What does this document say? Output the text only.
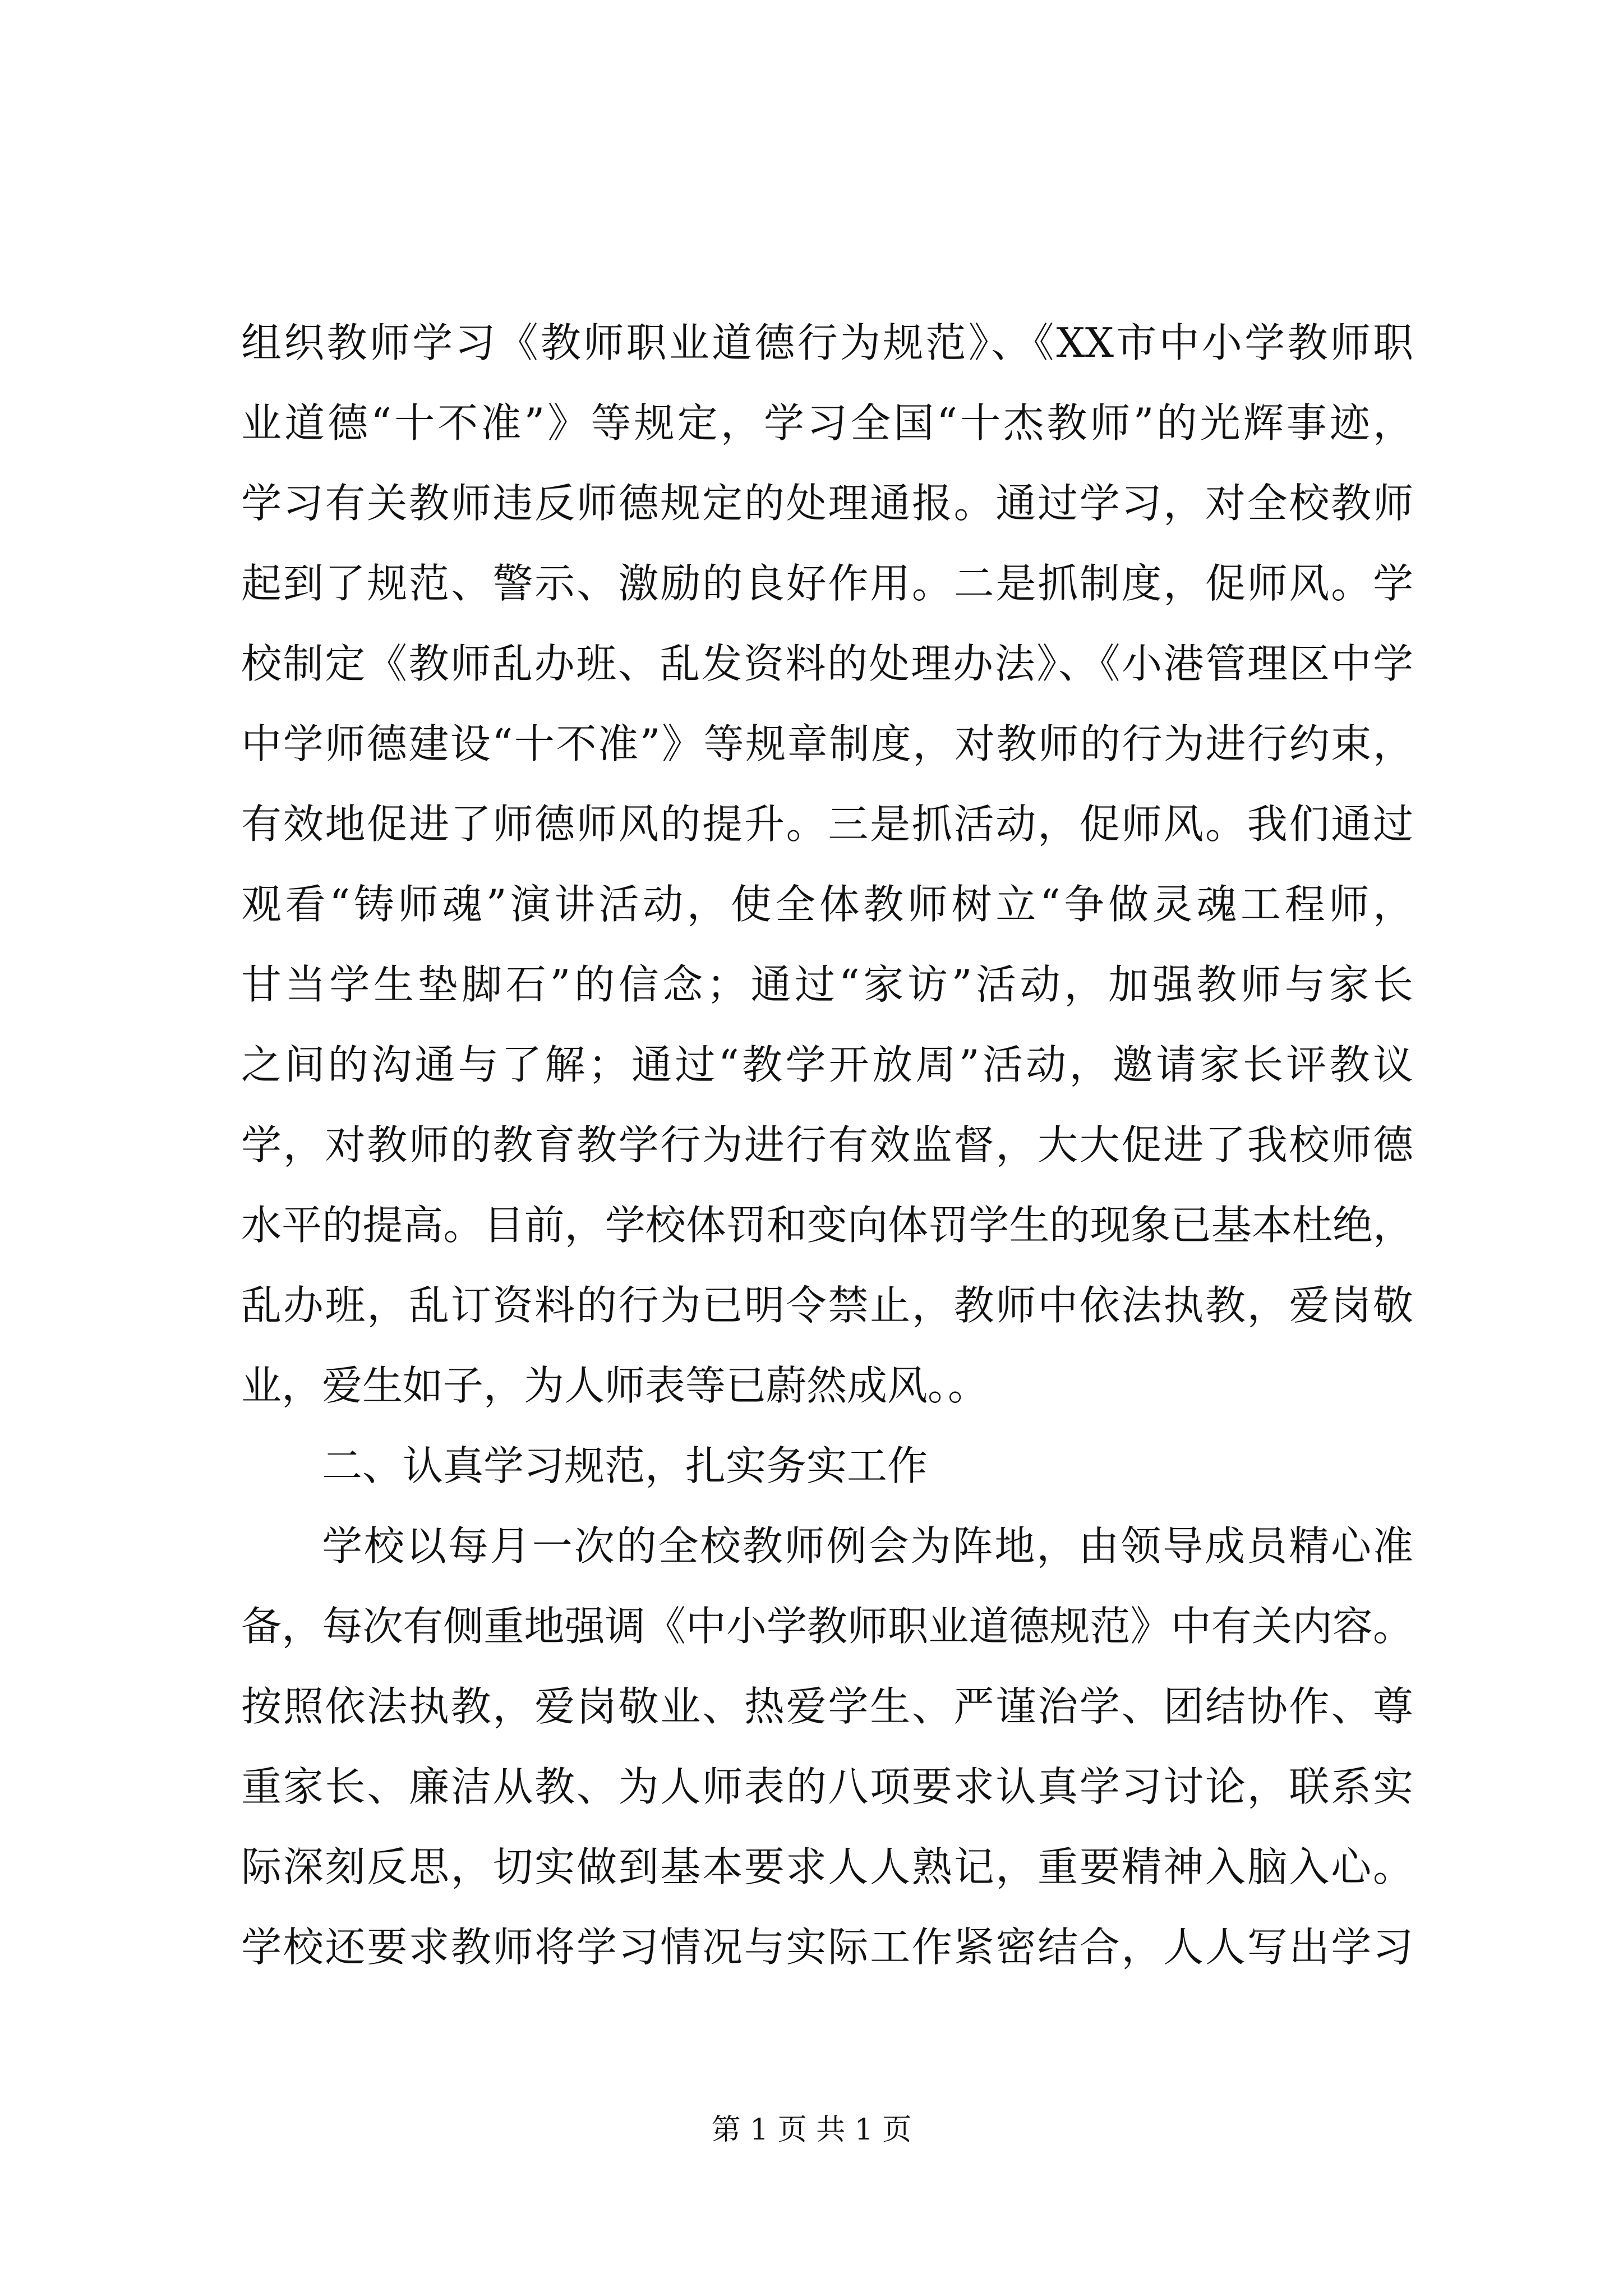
组织教师学习《教师职业道德行为规范》、《XX市中小学教师职
业道德“十不准”》等规定，学习全国“十杰教师”的光辉事迹，
学习有关教师违反师德规定的处理通报。通过学习，对全校教师
起到了规范、警示、激励的良好作用。二是抓制度，促师风。学
校制定《教师乱办班、乱发资料的处理办法》、《小港管理区中学
中学师德建设“十不准”》等规章制度，对教师的行为进行约束，
有效地促进了师德师风的提升。三是抓活动，促师风。我们通过
观看“铸师魂”演讲活动，使全体教师树立“争做灵魂工程师，
甘当学生垫脚石”的信念；通过“家访”活动，加强教师与家长
之间的沟通与了解；通过“教学开放周”活动，邀请家长评教议
学，对教师的教育教学行为进行有效监督，大大促进了我校师德
水平的提高。目前，学校体罚和变向体罚学生的现象已基本杜绝，
乱办班，乱订资料的行为已明令禁止，教师中依法执教，爱岗敬
业，爱生如子，为人师表等已蔚然成风。。
二、认真学习规范，扎实务实工作
学校以每月一次的全校教师例会为阵地，由领导成员精心准
备，每次有侧重地强调《中小学教师职业道德规范》中有关内容。
按照依法执教，爱岗敬业、热爱学生、严谨治学、团结协作、尊
重家长、廉洁从教、为人师表的八项要求认真学习讨论，联系实
际深刻反思，切实做到基本要求人人熟记，重要精神入脑入心。
学校还要求教师将学习情况与实际工作紧密结合，人人写出学习
第 1 页 共 1 页
